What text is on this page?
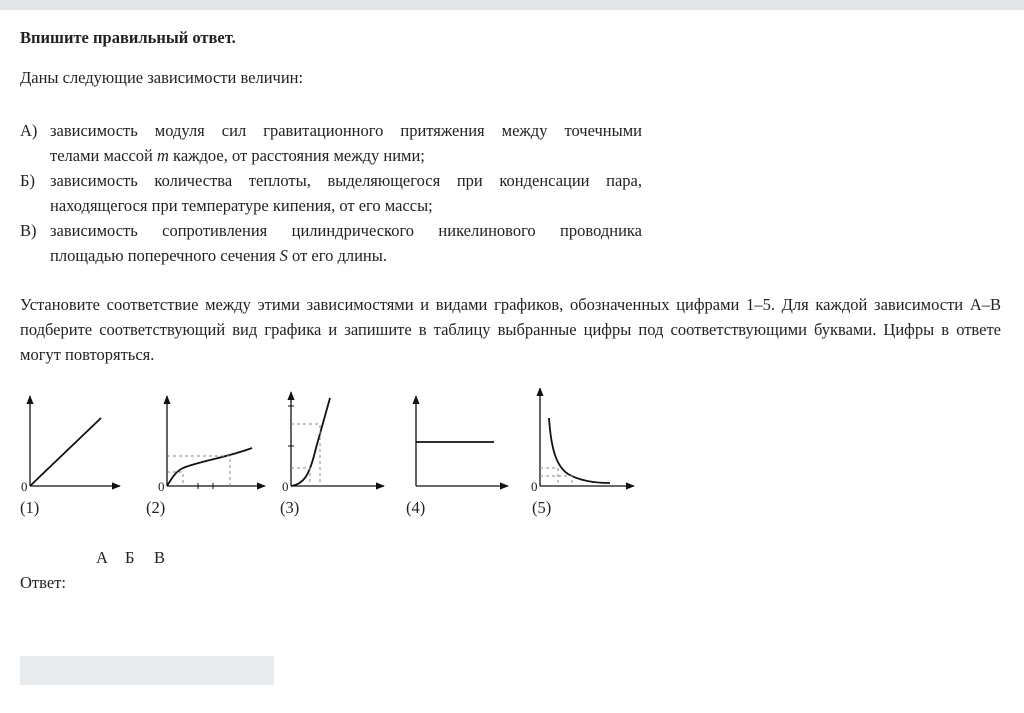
Впишите правильный ответ.
Даны следующие зависимости величин:
А) зависимость модуля сил гравитационного притяжения между точечными
телами массой m каждое, от расстояния между ними;
Б) зависимость количества теплоты, выделяющегося при конденсации пара,
находящегося при температуре кипения, от его массы;
В) зависимость сопротивления цилиндрического никелинового проводника
площадью поперечного сечения S от его длины.
Установите соответствие между этими зависимостями и видами графиков, обозначенных цифрами 1–5. Для каждой зависимости А–В подберите соответствующий вид графика и запишите в таблицу выбранные цифры под соответствующими буквами. Цифры в ответе могут повторяться.
0	0	0	0
(1)	(2)	(3)	(4)	(5)
А Б В
Ответ:
